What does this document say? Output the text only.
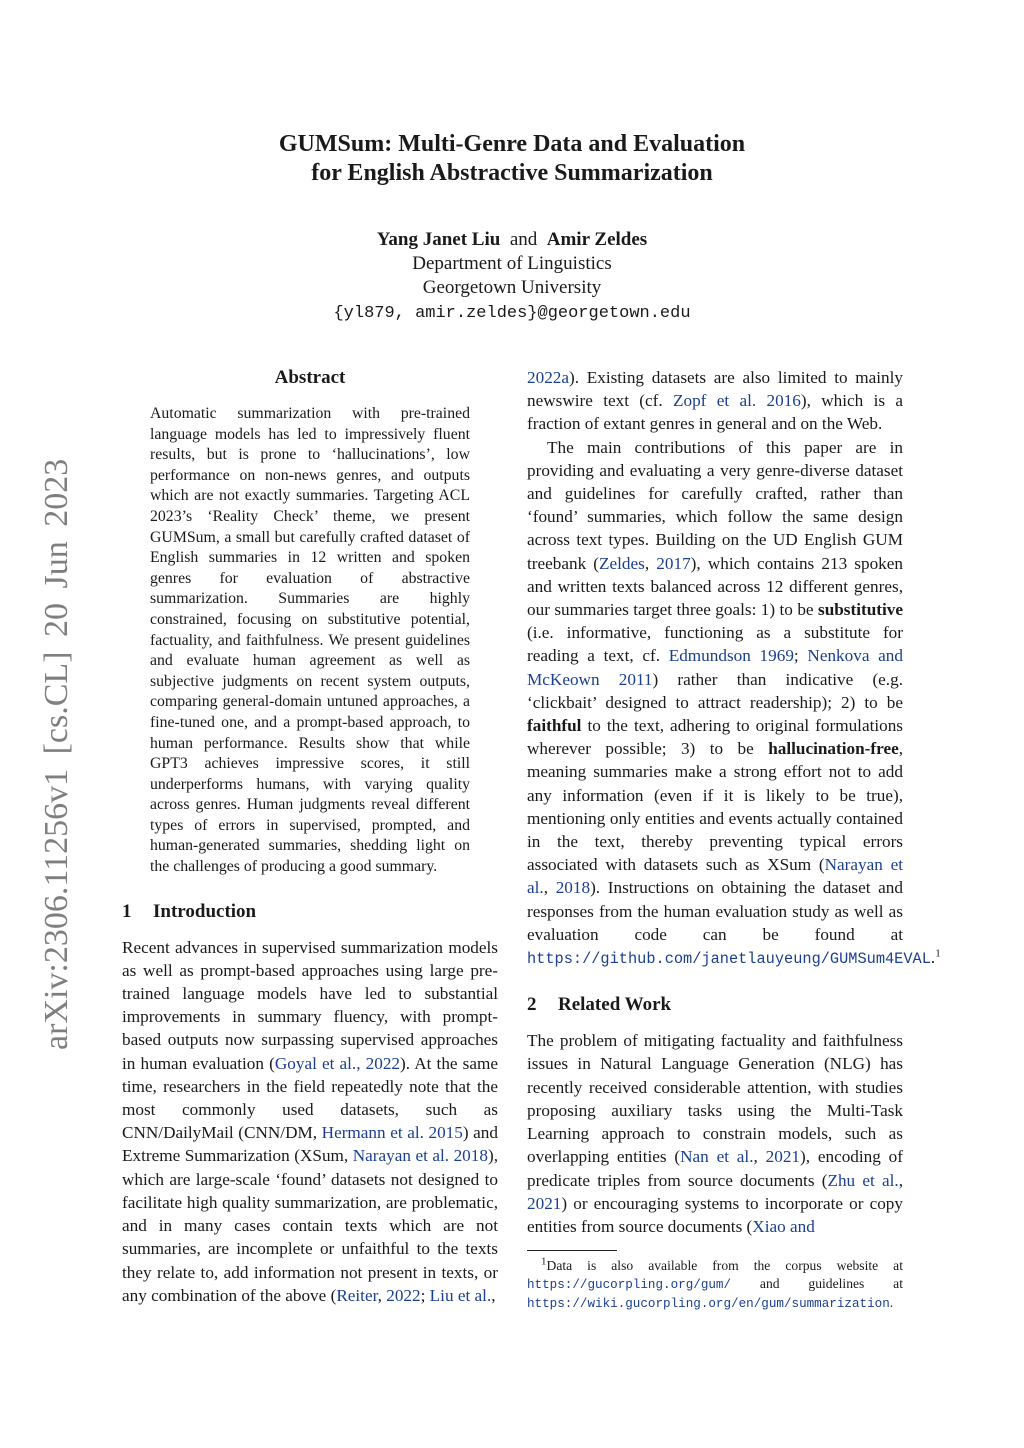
arXiv:2306.11256v1 [cs.CL] 20 Jun 2023

GUMSum: Multi-Genre Data and Evaluation
for English Abstractive Summarization

Yang Janet Liu and Amir Zeldes
Department of Linguistics
Georgetown University
{yl879, amir.zeldes}@georgetown.edu

Abstract

Automatic summarization with pre-trained language models has led to impressively fluent results, but is prone to ‘hallucinations’, low performance on non-news genres, and outputs which are not exactly summaries. Targeting ACL 2023’s ‘Reality Check’ theme, we present GUMSum, a small but carefully crafted dataset of English summaries in 12 written and spoken genres for evaluation of abstractive summarization. Summaries are highly constrained, focusing on substitutive potential, factuality, and faithfulness. We present guidelines and evaluate human agreement as well as subjective judgments on recent system outputs, comparing general-domain untuned approaches, a fine-tuned one, and a prompt-based approach, to human performance. Results show that while GPT3 achieves impressive scores, it still underperforms humans, with varying quality across genres. Human judgments reveal different types of errors in supervised, prompted, and human-generated summaries, shedding light on the challenges of producing a good summary.

1 Introduction

Recent advances in supervised summarization models as well as prompt-based approaches using large pre-trained language models have led to substantial improvements in summary fluency, with prompt-based outputs now surpassing supervised approaches in human evaluation (Goyal et al., 2022). At the same time, researchers in the field repeatedly note that the most commonly used datasets, such as CNN/DailyMail (CNN/DM, Hermann et al. 2015) and Extreme Summarization (XSum, Narayan et al. 2018), which are large-scale ‘found’ datasets not designed to facilitate high quality summarization, are problematic, and in many cases contain texts which are not summaries, are incomplete or unfaithful to the texts they relate to, add information not present in texts, or any combination of the above (Reiter, 2022; Liu et al.,

2022a). Existing datasets are also limited to mainly newswire text (cf. Zopf et al. 2016), which is a fraction of extant genres in general and on the Web.

The main contributions of this paper are in providing and evaluating a very genre-diverse dataset and guidelines for carefully crafted, rather than ‘found’ summaries, which follow the same design across text types. Building on the UD English GUM treebank (Zeldes, 2017), which contains 213 spoken and written texts balanced across 12 different genres, our summaries target three goals: 1) to be substitutive (i.e. informative, functioning as a substitute for reading a text, cf. Edmundson 1969; Nenkova and McKeown 2011) rather than indicative (e.g. ‘clickbait’ designed to attract readership); 2) to be faithful to the text, adhering to original formulations wherever possible; 3) to be hallucination-free, meaning summaries make a strong effort not to add any information (even if it is likely to be true), mentioning only entities and events actually contained in the text, thereby preventing typical errors associated with datasets such as XSum (Narayan et al., 2018). Instructions on obtaining the dataset and responses from the human evaluation study as well as evaluation code can be found at https://github.com/janetlauyeung/GUMSum4EVAL.$^1$

2 Related Work

The problem of mitigating factuality and faithfulness issues in Natural Language Generation (NLG) has recently received considerable attention, with studies proposing auxiliary tasks using the Multi-Task Learning approach to constrain models, such as overlapping entities (Nan et al., 2021), encoding of predicate triples from source documents (Zhu et al., 2021) or encouraging systems to incorporate or copy entities from source documents (Xiao and

$^1$Data is also available from the corpus website at https://gucorpling.org/gum/ and guidelines at https://wiki.gucorpling.org/en/gum/summarization.
